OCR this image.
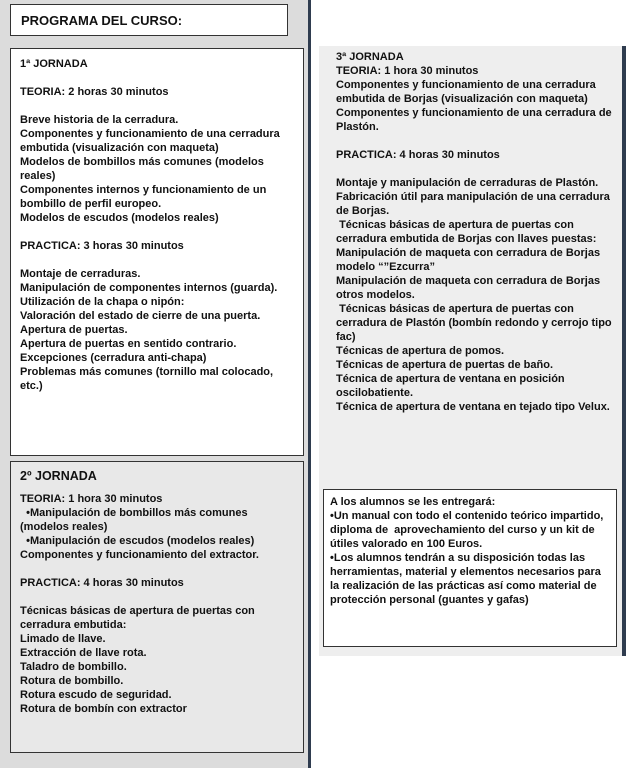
PROGRAMA DEL CURSO:

1ª JORNADA

TEORIA: 2 horas 30 minutos

Breve historia de la cerradura.
Componentes y funcionamiento de una cerradura embutida (visualización con maqueta)
Modelos de bombillos más comunes (modelos reales)
Componentes internos y funcionamiento de un bombillo de perfil europeo.
Modelos de escudos (modelos reales)

PRACTICA: 3 horas 30 minutos

Montaje de cerraduras.
Manipulación de componentes internos (guarda).
Utilización de la chapa o nipón:
Valoración del estado de cierre de una puerta.
Apertura de puertas.
Apertura de puertas en sentido contrario.
Excepciones (cerradura anti-chapa)
Problemas más comunes (tornillo mal colocado, etc.)

2º JORNADA

TEORIA: 1 hora 30 minutos

•Manipulación de bombillos más comunes (modelos reales)
•Manipulación de escudos (modelos reales)
Componentes y funcionamiento del extractor.

PRACTICA: 4 horas 30 minutos

Técnicas básicas de apertura de puertas con cerradura embutida:
Limado de llave.
Extracción de llave rota.
Taladro de bombillo.
Rotura de bombillo.
Rotura escudo de seguridad.
Rotura de bombín con extractor

3ª JORNADA

TEORIA: 1 hora 30 minutos

Componentes y funcionamiento de una cerradura embutida de Borjas (visualización con maqueta)
Componentes y funcionamiento de una cerradura de Plastón.

PRACTICA: 4 horas 30 minutos

Montaje y manipulación de cerraduras de Plastón.
Fabricación útil para manipulación de una cerradura de Borjas.
Técnicas básicas de apertura de puertas con cerradura embutida de Borjas con llaves puestas: Manipulación de maqueta con cerradura de Borjas modelo “”Ezcurra”
Manipulación de maqueta con cerradura de Borjas otros modelos.
Técnicas básicas de apertura de puertas con cerradura de Plastón (bombín redondo y cerrojo tipo fac)
Técnicas de apertura de pomos.
Técnicas de apertura de puertas de baño.
Técnica de apertura de ventana en posición oscilobatiente.
Técnica de apertura de ventana en tejado tipo Velux.

A los alumnos se les entregará:

•Un manual con todo el contenido teórico impartido, diploma de  aprovechamiento del curso y un kit de
útiles valorado en 100 Euros.
•Los alumnos tendrán a su disposición todas las herramientas, material y elementos necesarios para la realización de las prácticas así como material de protección personal (guantes y gafas)
